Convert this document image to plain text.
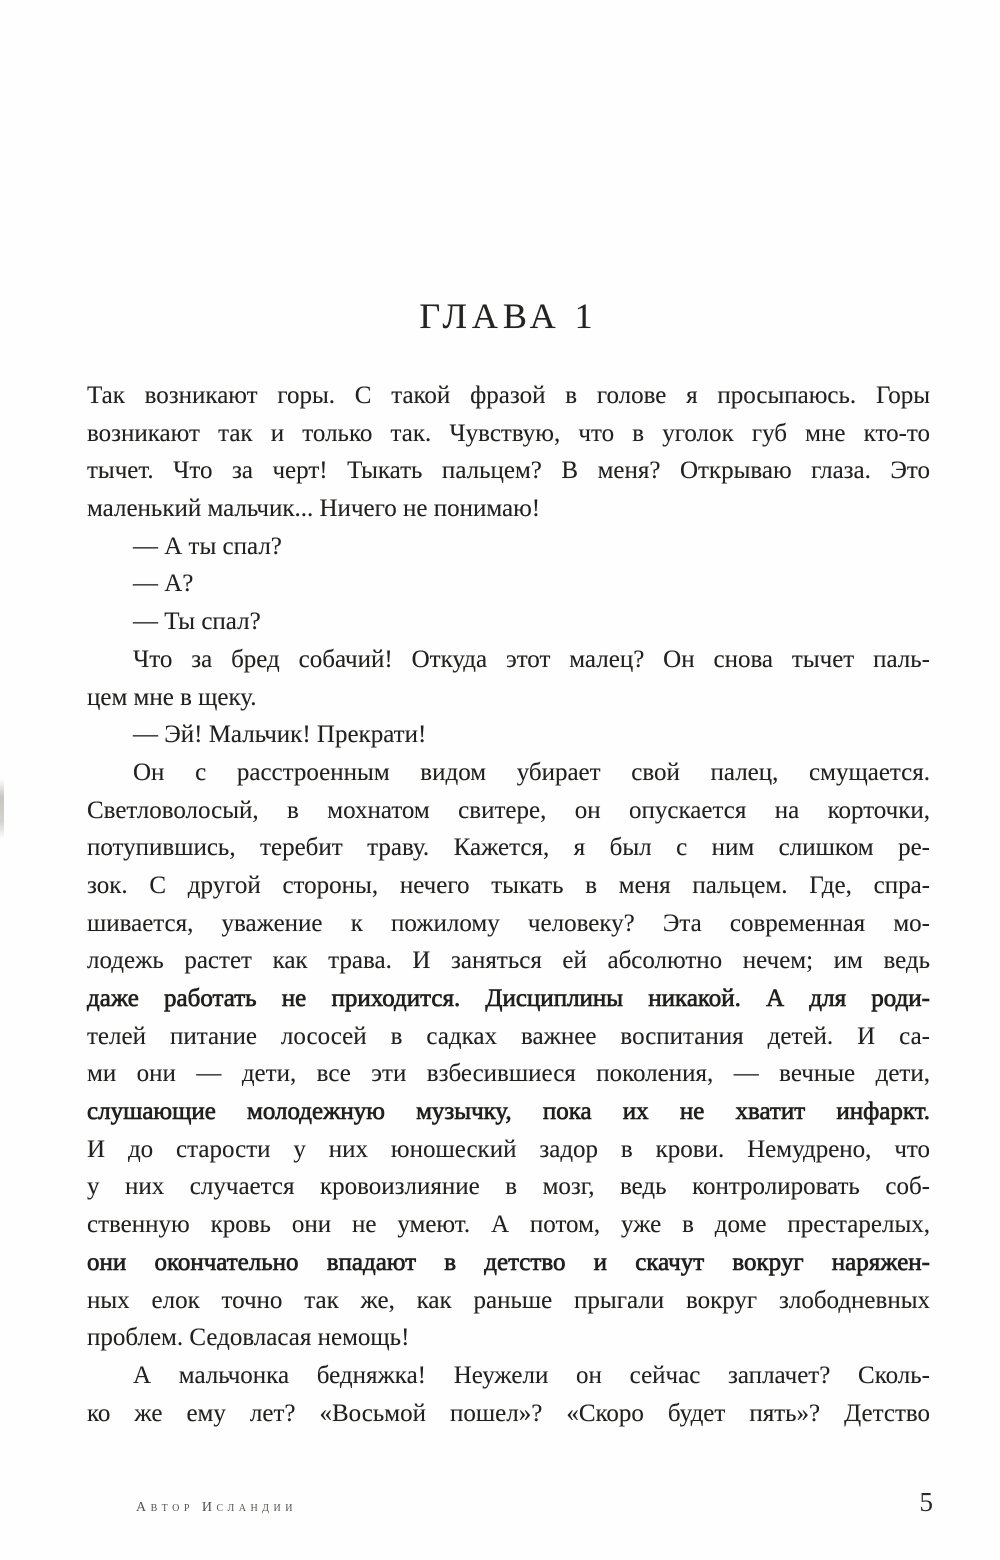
ГЛАВА 1
Так возникают горы. С такой фразой в голове я просыпаюсь. Горы
возникают так и только так. Чувствую, что в уголок губ мне кто-то
тычет. Что за черт! Тыкать пальцем? В меня? Открываю глаза. Это
маленький мальчик... Ничего не понимаю!
— А ты спал?
— А?
— Ты спал?
Что за бред собачий! Откуда этот малец? Он снова тычет паль-
цем мне в щеку.
— Эй! Мальчик! Прекрати!
Он с расстроенным видом убирает свой палец, смущается.
Светловолосый, в мохнатом свитере, он опускается на корточки,
потупившись, теребит траву. Кажется, я был с ним слишком ре-
зок. С другой стороны, нечего тыкать в меня пальцем. Где, спра-
шивается, уважение к пожилому человеку? Эта современная мо-
лодежь растет как трава. И заняться ей абсолютно нечем; им ведь
даже работать не приходится. Дисциплины никакой. А для роди-
телей питание лососей в садках важнее воспитания детей. И са-
ми они — дети, все эти взбесившиеся поколения, — вечные дети,
слушающие молодежную музычку, пока их не хватит инфаркт.
И до старости у них юношеский задор в крови. Немудрено, что
у них случается кровоизлияние в мозг, ведь контролировать соб-
ственную кровь они не умеют. А потом, уже в доме престарелых,
они окончательно впадают в детство и скачут вокруг наряжен-
ных елок точно так же, как раньше прыгали вокруг злободневных
проблем. Седовласая немощь!
А мальчонка бедняжка! Неужели он сейчас заплачет? Сколь-
ко же ему лет? «Восьмой пошел»? «Скоро будет пять»? Детство
Автор Исландии	5
